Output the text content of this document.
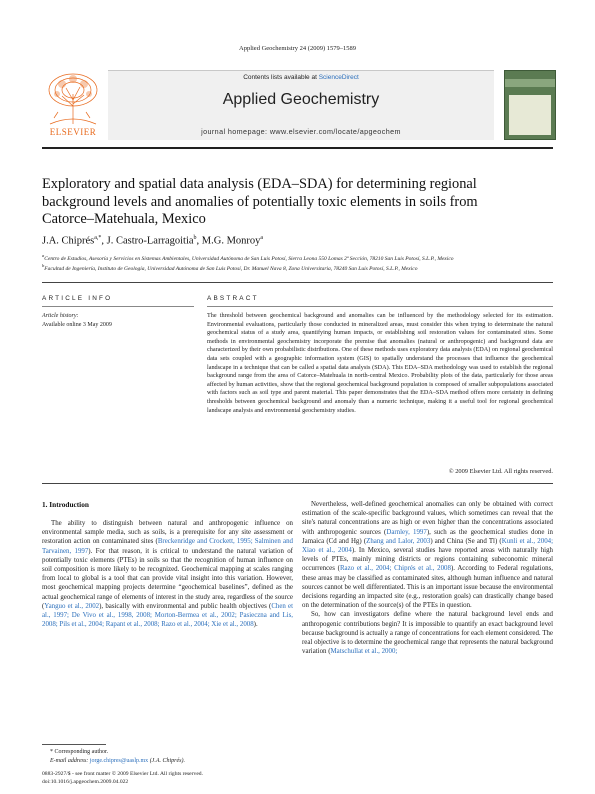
Applied Geochemistry 24 (2009) 1579–1589
ELSEVIER
Contents lists available at ScienceDirect
Applied Geochemistry
journal homepage: www.elsevier.com/locate/apgeochem
Exploratory and spatial data analysis (EDA–SDA) for determining regional background levels and anomalies of potentially toxic elements in soils from Catorce–Matehuala, Mexico
J.A. Chiprés$^{a,*}$, J. Castro-Larragoitia$^b$, M.G. Monroy$^a$
$^a$Centro de Estudios, Asesoría y Servicios en Sistemas Ambientales, Universidad Autónoma de San Luis Potosí, Sierra Leona 550 Lomas 2ª Sección, 78210 San Luis Potosí, S.L.P., Mexico
$^b$Facultad de Ingeniería, Instituto de Geología, Universidad Autónoma de San Luis Potosí, Dr. Manuel Nava 8, Zona Universitaria, 78240 San Luis Potosí, S.L.P., Mexico
ARTICLE INFO	ABSTRACT
Article history:
Available online 3 May 2009
The threshold between geochemical background and anomalies can be influenced by the methodology selected for its estimation. Environmental evaluations, particularly those conducted in mineralized areas, must consider this when trying to determinate the natural geochemical status of a study area, quantifying human impacts, or establishing soil restoration values for contaminated sites. Some methods in environmental geochemistry incorporate the premise that anomalies (natural or anthropogenic) and background data are characterized by their own probabilistic distributions. One of these methods uses exploratory data analysis (EDA) on regional geochemical data sets coupled with a geographic information system (GIS) to spatially understand the processes that influence the geochemical landscape in a technique that can be called a spatial data analysis (SDA). This EDA–SDA methodology was used to establish the regional background range from the area of Catorce–Matehuala in north-central Mexico. Probability plots of the data, particularly for those areas affected by human activities, show that the regional geochemical background population is composed of smaller subpopulations associated with factors such as soil type and parent material. This paper demonstrates that the EDA–SDA method offers more certainty in defining thresholds between geochemical background and anomaly than a numeric technique, making it a useful tool for regional geochemical landscape analysis and environmental geochemistry studies.
© 2009 Elsevier Ltd. All rights reserved.
1. Introduction
The ability to distinguish between natural and anthropogenic influence on environmental sample media, such as soils, is a prerequisite for any site assessment or restoration action on contaminated sites (Breckenridge and Crockett, 1995; Salminen and Tarvainen, 1997). For that reason, it is critical to understand the natural variation of potentially toxic elements (PTEs) in soils so that the recognition of human influence on soil composition is more likely to be recognized. Geochemical mapping at scales ranging from local to global is a tool that can provide vital insight into this variation. However, most geochemical mapping projects determine “geochemical baselines”, defined as the actual geochemical range of elements of interest in the study area, regardless of the source (Yanguo et al., 2002), basically with environmental and public health objectives (Chen et al., 1997; De Vivo et al., 1998, 2008; Morton-Bermea et al., 2002; Pasieczna and Lis, 2008; Pils et al., 2004; Rapant et al., 2008; Razo et al., 2004; Xie et al., 2008).

Nevertheless, well-defined geochemical anomalies can only be obtained with correct estimation of the scale-specific background values, which sometimes can reveal that the site's natural concentrations are as high or even higher than the concentrations associated with anthropogenic sources (Darnley, 1997), such as the geochemical studies done in Jamaica (Cd and Hg) (Zhang and Lalor, 2003) and China (Se and Tl) (Kunli et al., 2004; Xiao et al., 2004). In Mexico, several studies have reported areas with naturally high levels of PTEs, mainly mining districts or regions containing subeconomic mineral occurrences (Razo et al., 2004; Chiprés et al., 2008). According to Federal regulations, these areas may be classified as contaminated sites, although human influence and natural sources cannot be well differentiated. This is an important issue because the environmental decisions regarding an impacted site (e.g., restoration goals) can drastically change based on the determination of the source(s) of the PTEs in question.

So, how can investigators define where the natural background level ends and anthropogenic contributions begin? It is impossible to quantify an exact background level because background is actually a range of concentrations for each element considered. The real objective is to determine the geochemical range that represents the natural background variation (Matschullat et al., 2000;

* Corresponding author.
E-mail address: jorge.chipres@uaslp.mx (J.A. Chiprés).
0883-2927/$ - see front matter © 2009 Elsevier Ltd. All rights reserved.
doi:10.1016/j.apgeochem.2009.04.022
